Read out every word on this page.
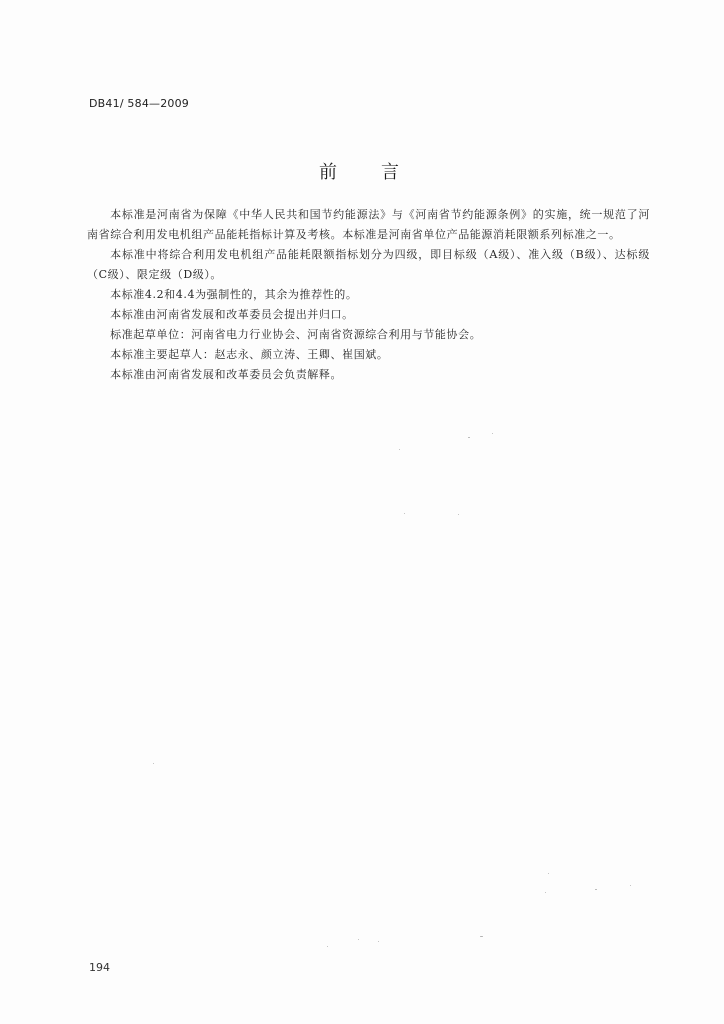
DB41/ 584—2009
前言

本标准是河南省为保障《中华人民共和国节约能源法》与《河南省节约能源条例》的实施，统一规范了河南省综合利用发电机组产品能耗指标计算及考核。本标准是河南省单位产品能源消耗限额系列标准之一。

本标准中将综合利用发电机组产品能耗限额指标划分为四级，即目标级（A级）、准入级（B级）、达标级（C级）、限定级（D级）。

本标准4.2和4.4为强制性的，其余为推荐性的。

本标准由河南省发展和改革委员会提出并归口。

标准起草单位：河南省电力行业协会、河南省资源综合利用与节能协会。

本标准主要起草人：赵志永、颜立涛、王卿、崔国斌。

本标准由河南省发展和改革委员会负责解释。

194
